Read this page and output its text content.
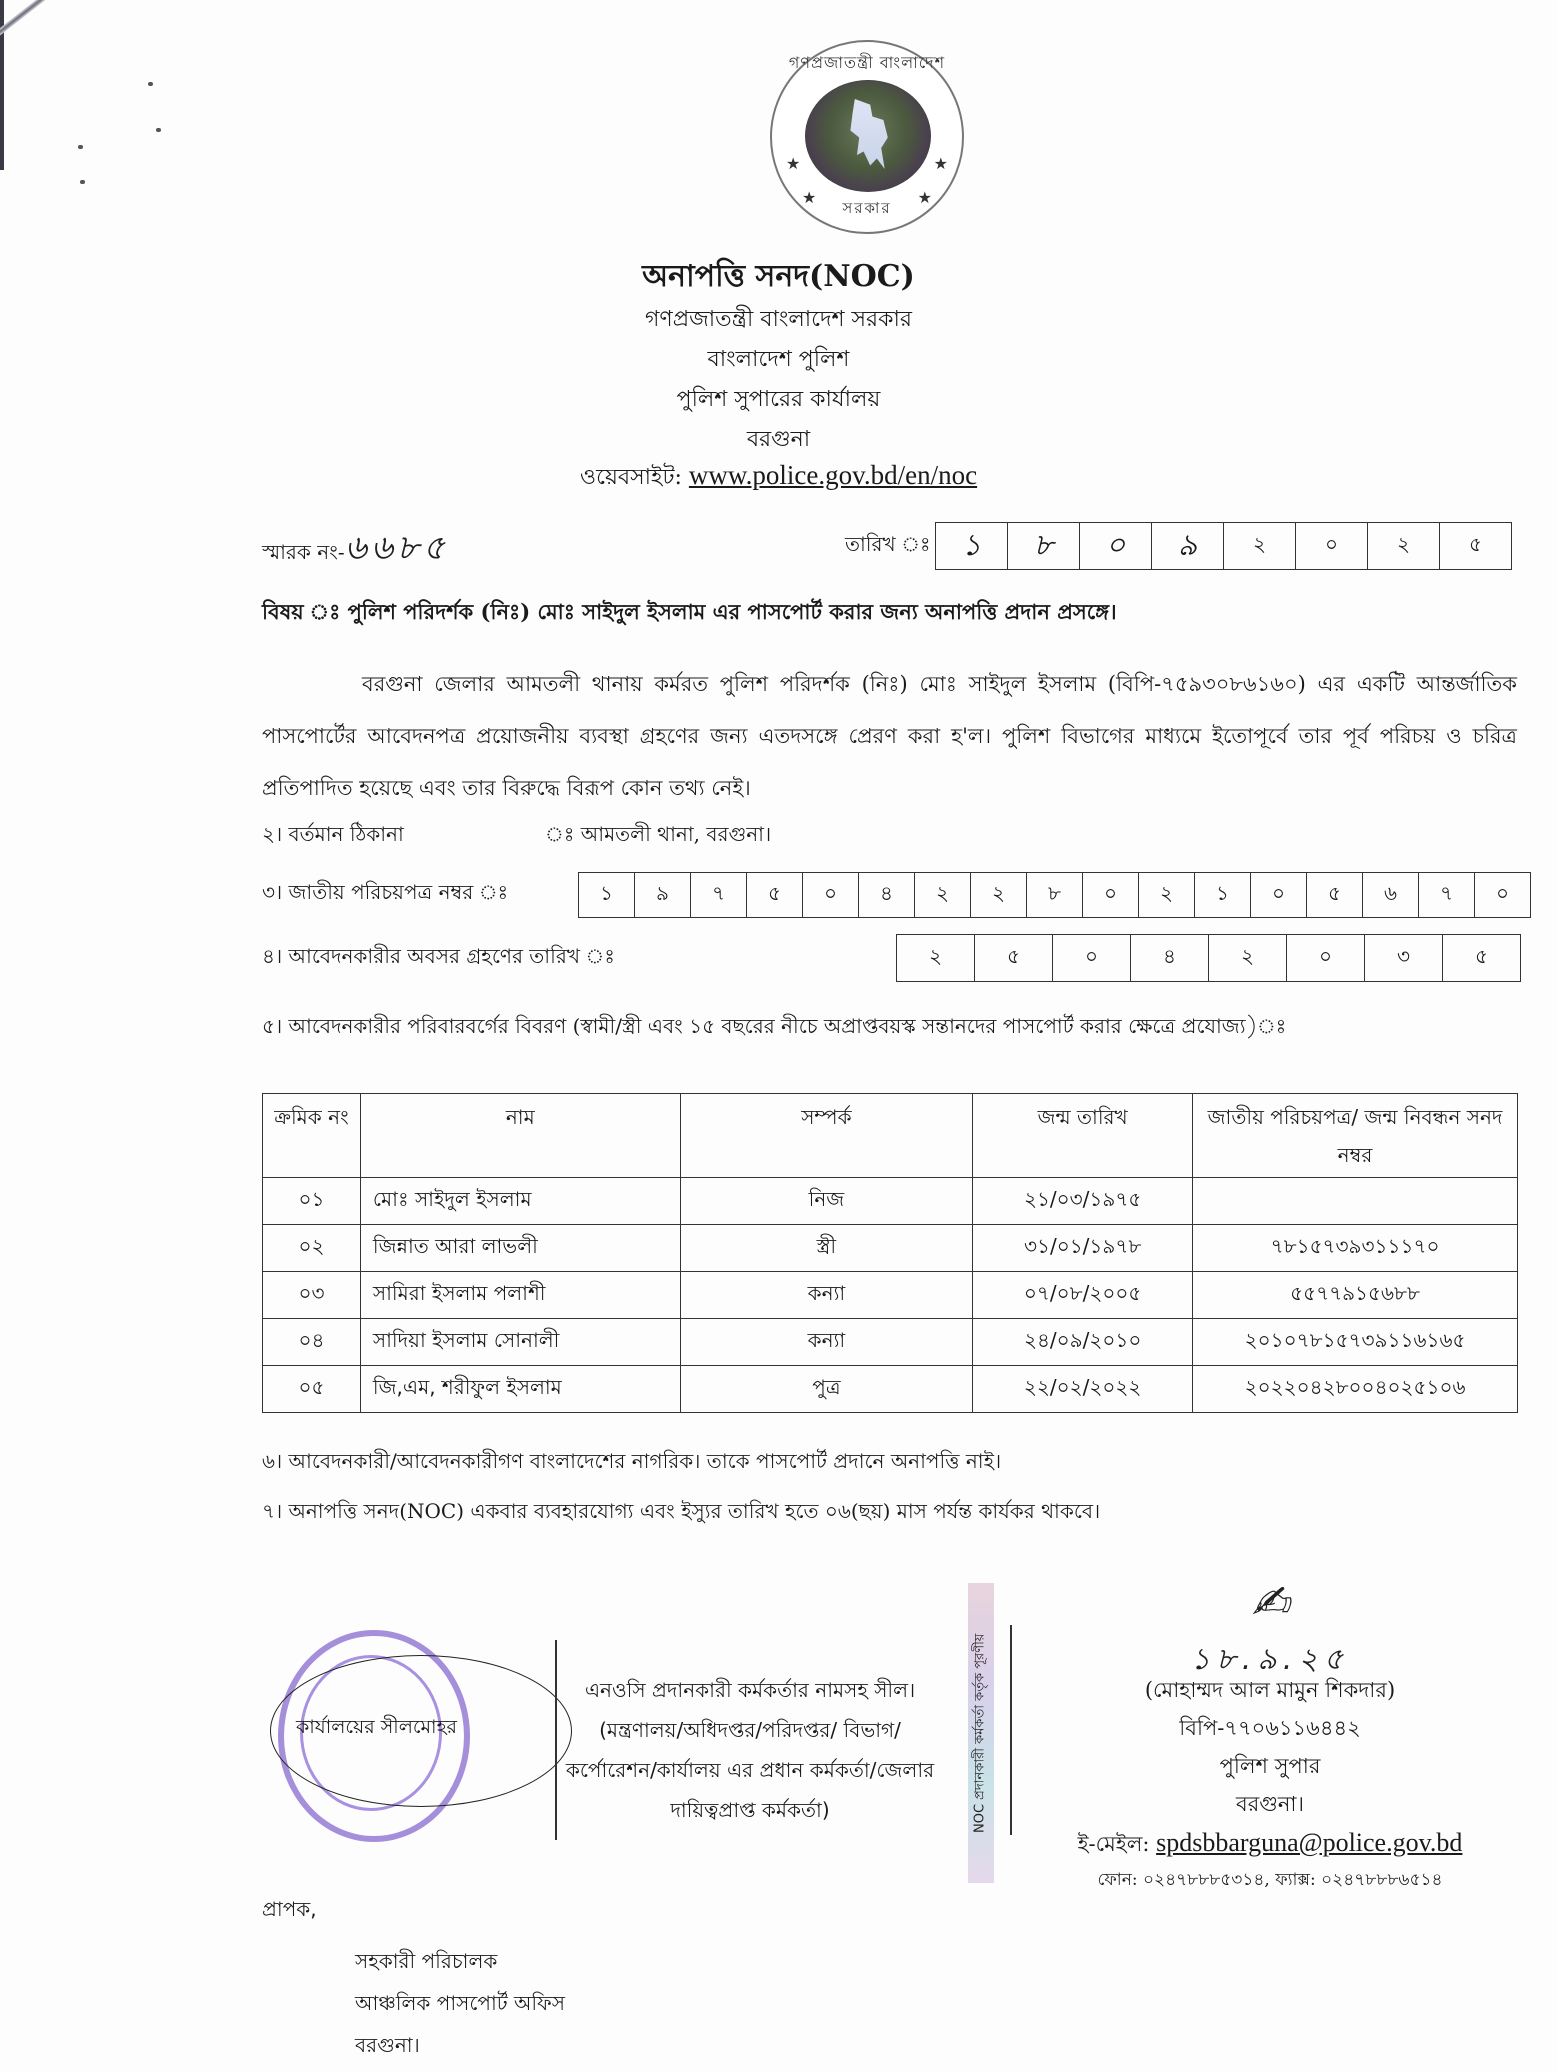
গণপ্রজাতন্ত্রী বাংলাদেশ
★	★
★	★
সরকার
অনাপত্তি সনদ(NOC)
গণপ্রজাতন্ত্রী বাংলাদেশ সরকার
বাংলাদেশ পুলিশ
পুলিশ সুপারের কার্যালয়
বরগুনা
ওয়েবসাইট: www.police.gov.bd/en/noc
স্মারক নং-৬৬৮৫	তারিখ ঃ	১	৮	০	৯	২	০	২	৫
বিষয় ঃ পুলিশ পরিদর্শক (নিঃ) মোঃ সাইদুল ইসলাম এর পাসপোর্ট করার জন্য অনাপত্তি প্রদান প্রসঙ্গে।
বরগুনা জেলার আমতলী থানায় কর্মরত পুলিশ পরিদর্শক (নিঃ) মোঃ সাইদুল ইসলাম (বিপি-৭৫৯৩০৮৬১৬০) এর একটি আন্তর্জাতিক পাসপোর্টের আবেদনপত্র প্রয়োজনীয় ব্যবস্থা গ্রহণের জন্য এতদসঙ্গে প্রেরণ করা হ'ল। পুলিশ বিভাগের মাধ্যমে ইতোপূর্বে তার পূর্ব পরিচয় ও চরিত্র প্রতিপাদিত হয়েছে এবং তার বিরুদ্ধে বিরূপ কোন তথ্য নেই।
২। বর্তমান ঠিকানা	ঃ আমতলী থানা, বরগুনা।
৩। জাতীয় পরিচয়পত্র নম্বর ঃ	১	৯	৭	৫	০	৪	২	২	৮	০	২	১	০	৫	৬	৭	০
৪। আবেদনকারীর অবসর গ্রহণের তারিখ ঃ	২	৫	০	৪	২	০	৩	৫
৫। আবেদনকারীর পরিবারবর্গের বিবরণ (স্বামী/স্ত্রী এবং ১৫ বছরের নীচে অপ্রাপ্তবয়স্ক সন্তানদের পাসপোর্ট করার ক্ষেত্রে প্রযোজ্য)ঃ
ক্রমিক নং	নাম	সম্পর্ক	জন্ম তারিখ	জাতীয় পরিচয়পত্র/ জন্ম নিবন্ধন সনদ নম্বর
০১	মোঃ সাইদুল ইসলাম	নিজ	২১/০৩/১৯৭৫	
০২	জিন্নাত আরা লাভলী	স্ত্রী	৩১/০১/১৯৭৮	৭৮১৫৭৩৯৩১১১৭০
০৩	সামিরা ইসলাম পলাশী	কন্যা	০৭/০৮/২০০৫	৫৫৭৭৯১৫৬৮৮
০৪	সাদিয়া ইসলাম সোনালী	কন্যা	২৪/০৯/২০১০	২০১০৭৮১৫৭৩৯১১৬১৬৫
০৫	জি,এম, শরীফুল ইসলাম	পুত্র	২২/০২/২০২২	২০২২০৪২৮০০৪০২৫১০৬
৬। আবেদনকারী/আবেদনকারীগণ বাংলাদেশের নাগরিক। তাকে পাসপোর্ট প্রদানে অনাপত্তি নাই।
৭। অনাপত্তি সনদ(NOC) একবার ব্যবহারযোগ্য এবং ইস্যুর তারিখ হতে ০৬(ছয়) মাস পর্যন্ত কার্যকর থাকবে।
কার্যালয়ের সীলমোহর
এনওসি প্রদানকারী কর্মকর্তার নামসহ সীল। (মন্ত্রণালয়/অধিদপ্তর/পরিদপ্তর/ বিভাগ/কর্পোরেশন/কার্যালয় এর প্রধান কর্মকর্তা/জেলার দায়িত্বপ্রাপ্ত কর্মকর্তা)	NOC প্রদানকারী কর্মকর্তা কর্তৃক পূরণীয়
✍︎
১৮.৯.২৫
(মোহাম্মদ আল মামুন শিকদার)
বিপি-৭৭০৬১১৬৪৪২
পুলিশ সুপার
বরগুনা।
ই-মেইল: spdsbbarguna@police.gov.bd
ফোন: ০২৪৭৮৮৮৫৩১৪, ফ্যাক্স: ০২৪৭৮৮৮৬৫১৪
প্রাপক,
সহকারী পরিচালক
আঞ্চলিক পাসপোর্ট অফিস
বরগুনা।
